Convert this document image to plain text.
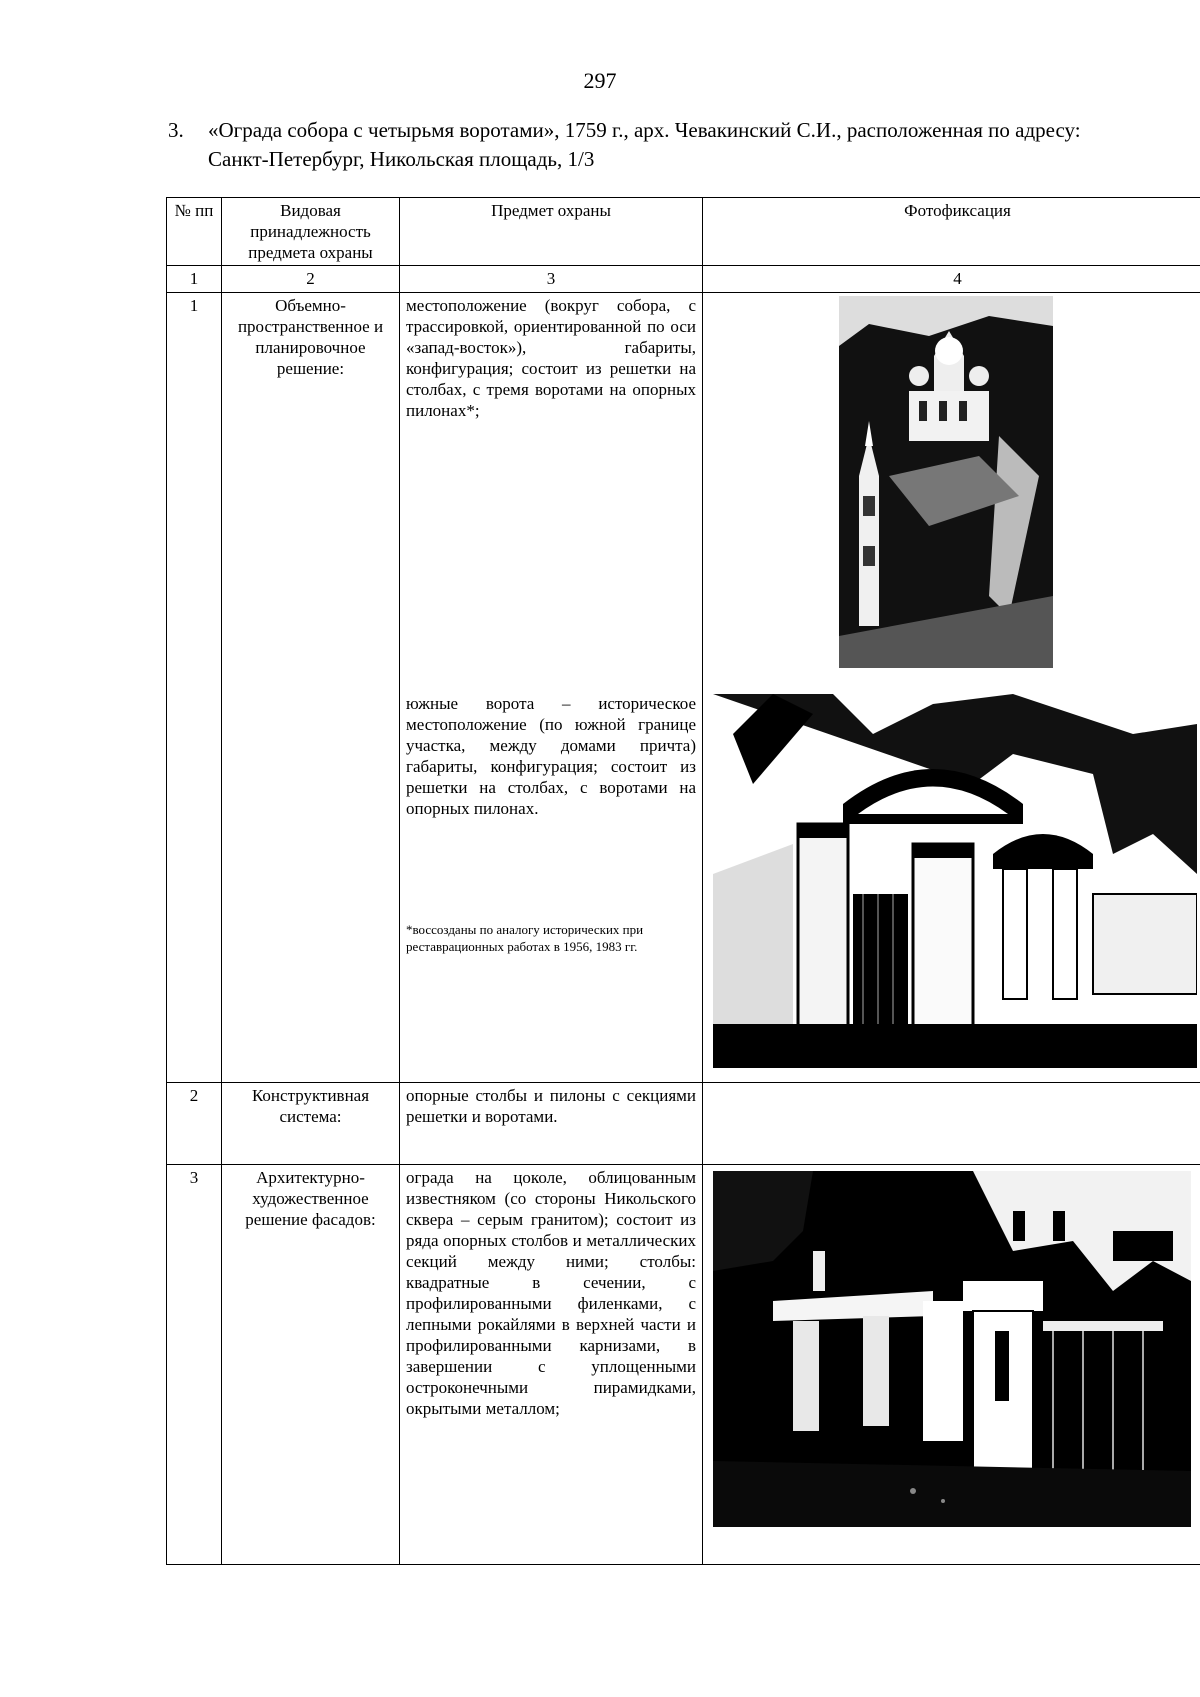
297
3. «Ограда собора с четырьмя воротами», 1759 г., арх. Чевакинский С.И., расположенная по адресу: Санкт-Петербург, Никольская площадь, 1/3
№ пп	Видовая принадлежность предмета охраны	Предмет охраны	Фотофиксация
1	2	3	4
1	Объемно-пространственное и планировочное решение:	местоположение (вокруг собора, с трассировкой, ориентированной по оси «запад-восток»), габариты, конфигурация; состоит из решетки на столбах, с тремя воротами на опорных пилонах*;
южные ворота – историческое местоположение (по южной границе участка, между домами причта) габариты, конфигурация; состоит из решетки на столбах, с воротами на опорных пилонах.
*воссозданы по аналогу исторических при реставрационных работах в 1956, 1983 гг.

2	Конструктивная система:	опорные столбы и пилоны с секциями решетки и воротами.	
3	Архитектурно-художественное решение фасадов:	ограда на цоколе, облицованным известняком (со стороны Никольского сквера – серым гранитом); состоит из ряда опорных столбов и металлических секций между ними; столбы: квадратные в сечении, с профилированными филенками, с лепными рокайлями в верхней части и профилированными карнизами, в завершении с уплощенными остроконечными пирамидками, окрытыми металлом;	
